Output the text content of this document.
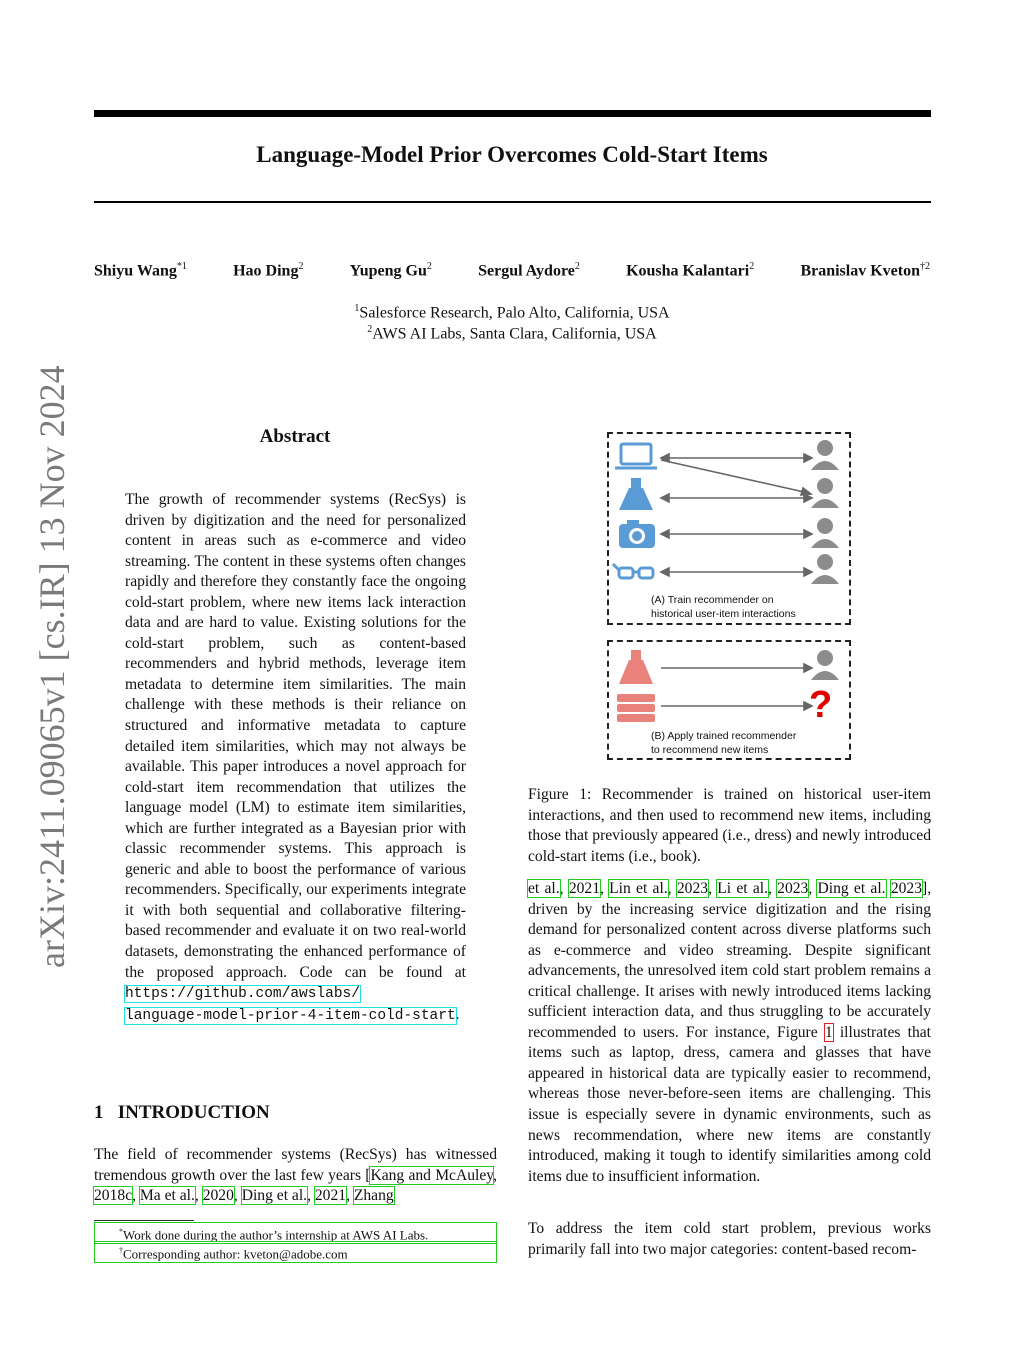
arXiv:2411.09065v1 [cs.IR] 13 Nov 2024
Language-Model Prior Overcomes Cold-Start Items
Shiyu Wang$^{*1}$	Hao Ding$^2$	Yupeng Gu$^2$	Sergul Aydore$^2$	Kousha Kalantari$^2$	Branislav Kveton$^{\dagger 2}$
$^1$Salesforce Research, Palo Alto, California, USA
$^2$AWS AI Labs, Santa Clara, California, USA
Abstract
The growth of recommender systems (RecSys) is driven by digitization and the need for personalized content in areas such as e-commerce and video streaming. The content in these systems often changes rapidly and therefore they constantly face the ongoing cold-start problem, where new items lack interaction data and are hard to value. Existing solutions for the cold-start problem, such as content-based recommenders and hybrid methods, leverage item metadata to determine item similarities. The main challenge with these methods is their reliance on structured and informative metadata to capture detailed item similarities, which may not always be available. This paper introduces a novel approach for cold-start item recommendation that utilizes the language model (LM) to estimate item similarities, which are further integrated as a Bayesian prior with classic recommender systems. This approach is generic and able to boost the performance of various recommenders. Specifically, our experiments integrate it with both sequential and collaborative filtering-based recommender and evaluate it on two real-world datasets, demonstrating the enhanced performance of the proposed approach. Code can be found at https://github.com/awslabs/
language-model-prior-4-item-cold-start.
1 INTRODUCTION
The field of recommender systems (RecSys) has witnessed tremendous growth over the last few years [Kang and McAuley, 2018c, Ma et al., 2020, Ding et al., 2021, Zhang
*Work done during the author’s internship at AWS AI Labs.
†Corresponding author: kveton@adobe.com
(A) Train recommender on
historical user-item interactions
?
(B) Apply trained recommender
to recommend new items
Figure 1: Recommender is trained on historical user-item interactions, and then used to recommend new items, including those that previously appeared (i.e., dress) and newly introduced cold-start items (i.e., book).
et al., 2021, Lin et al., 2023, Li et al., 2023, Ding et al. 2023], driven by the increasing service digitization and the rising demand for personalized content across diverse platforms such as e-commerce and video streaming. Despite significant advancements, the unresolved item cold start problem remains a critical challenge. It arises with newly introduced items lacking sufficient interaction data, and thus struggling to be accurately recommended to users. For instance, Figure 1 illustrates that items such as laptop, dress, camera and glasses that have appeared in historical data are typically easier to recommend, whereas those never-before-seen items are challenging. This issue is especially severe in dynamic environments, such as news recommendation, where new items are constantly introduced, making it tough to identify similarities among cold items due to insufficient information.
To address the item cold start problem, previous works primarily fall into two major categories: content-based recom-
